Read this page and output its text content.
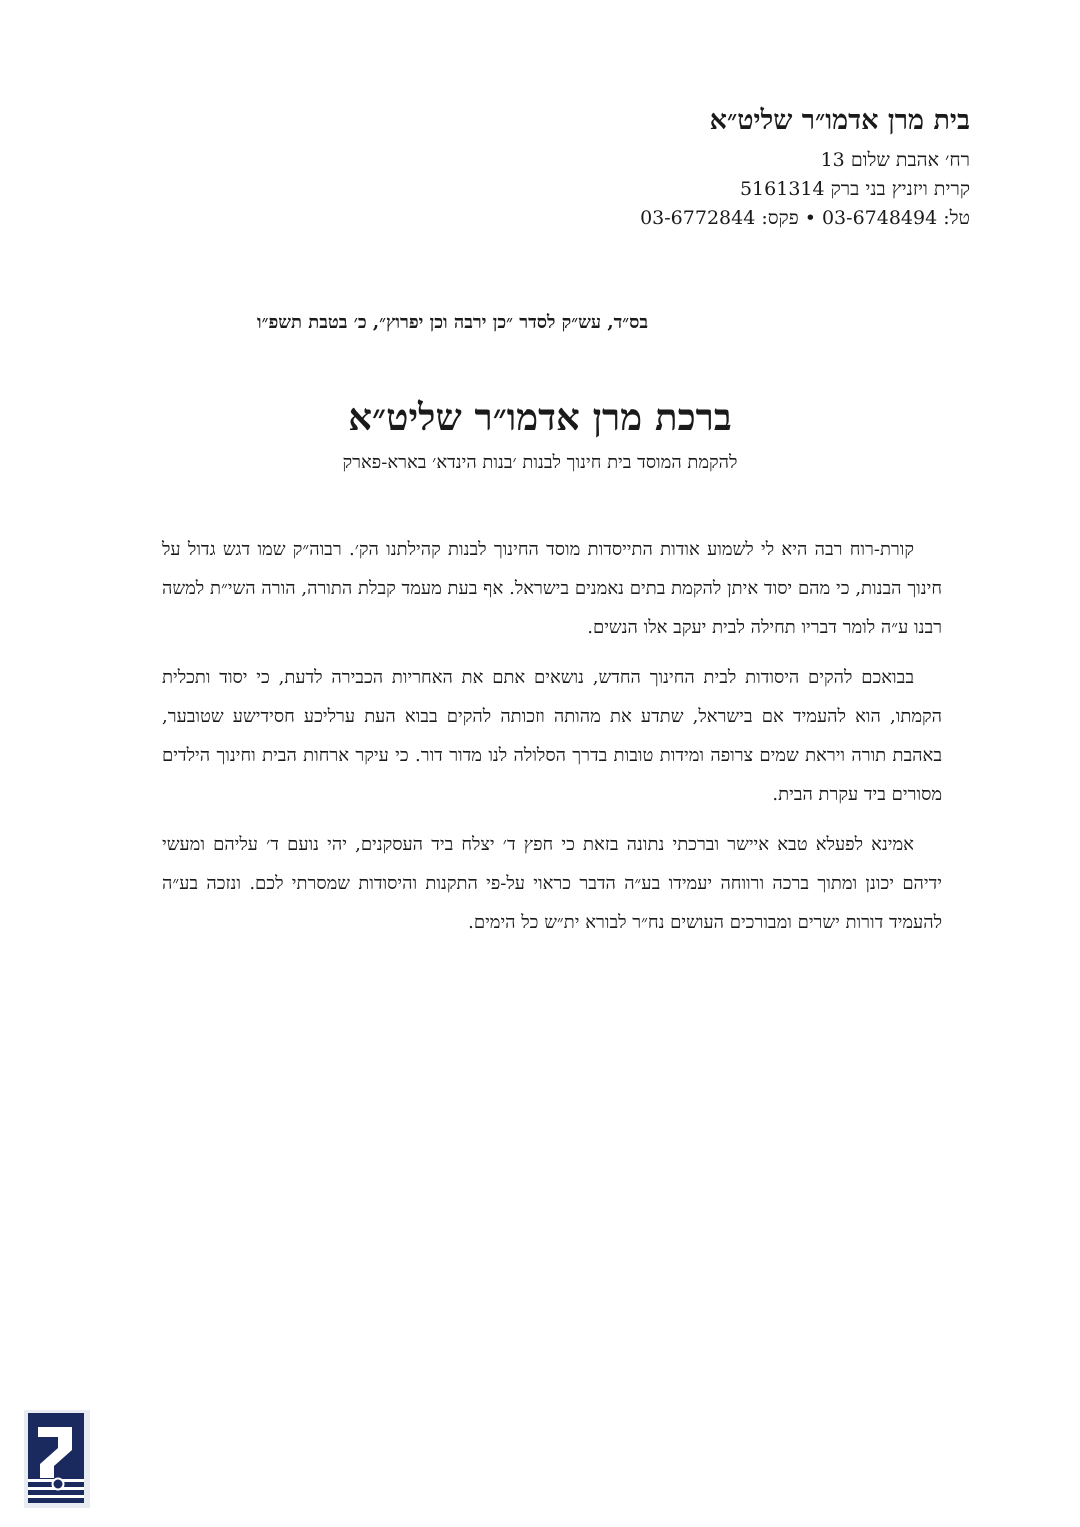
בית מרן אדמו״ר שליט״א
רח׳ אהבת שלום 13
קרית ויזניץ בני ברק 5161314
טל: 03-6748494 • פקס: 03-6772844
בס״ד, עש״ק לסדר ״כן ירבה וכן יפרוץ״, כ׳ בטבת תשפ״ו
ברכת מרן אדמו״ר שליט״א
להקמת המוסד בית חינוך לבנות ׳בנות הינדא׳ בארא-פארק

קורת-רוח רבה היא לי לשמוע אודות התייסדות מוסד החינוך לבנות קהילתנו הק׳. רבוה״ק שמו דגש גדול על חינוך הבנות, כי מהם יסוד איתן להקמת בתים נאמנים בישראל. אף בעת מעמד קבלת התורה, הורה השי״ת למשה רבנו ע״ה לומר דבריו תחילה לבית יעקב אלו הנשים.

בבואכם להקים היסודות לבית החינוך החדש, נושאים אתם את האחריות הכבירה לדעת, כי יסוד ותכלית הקמתו, הוא להעמיד אם בישראל, שתדע את מהותה וזכותה להקים בבוא העת ערליכע חסידישע שטובער, באהבת תורה ויראת שמים צרופה ומידות טובות בדרך הסלולה לנו מדור דור. כי עיקר ארחות הבית וחינוך הילדים מסורים ביד עקרת הבית.

אמינא לפעלא טבא איישר וברכתי נתונה בזאת כי חפץ ד׳ יצלח ביד העסקנים, יהי נועם ד׳ עליהם ומעשי ידיהם יכונן ומתוך ברכה ורווחה יעמידו בע״ה הדבר כראוי על-פי התקנות והיסודות שמסרתי לכם. ונזכה בע״ה להעמיד דורות ישרים ומבורכים העושים נח״ר לבורא ית״ש כל הימים.
